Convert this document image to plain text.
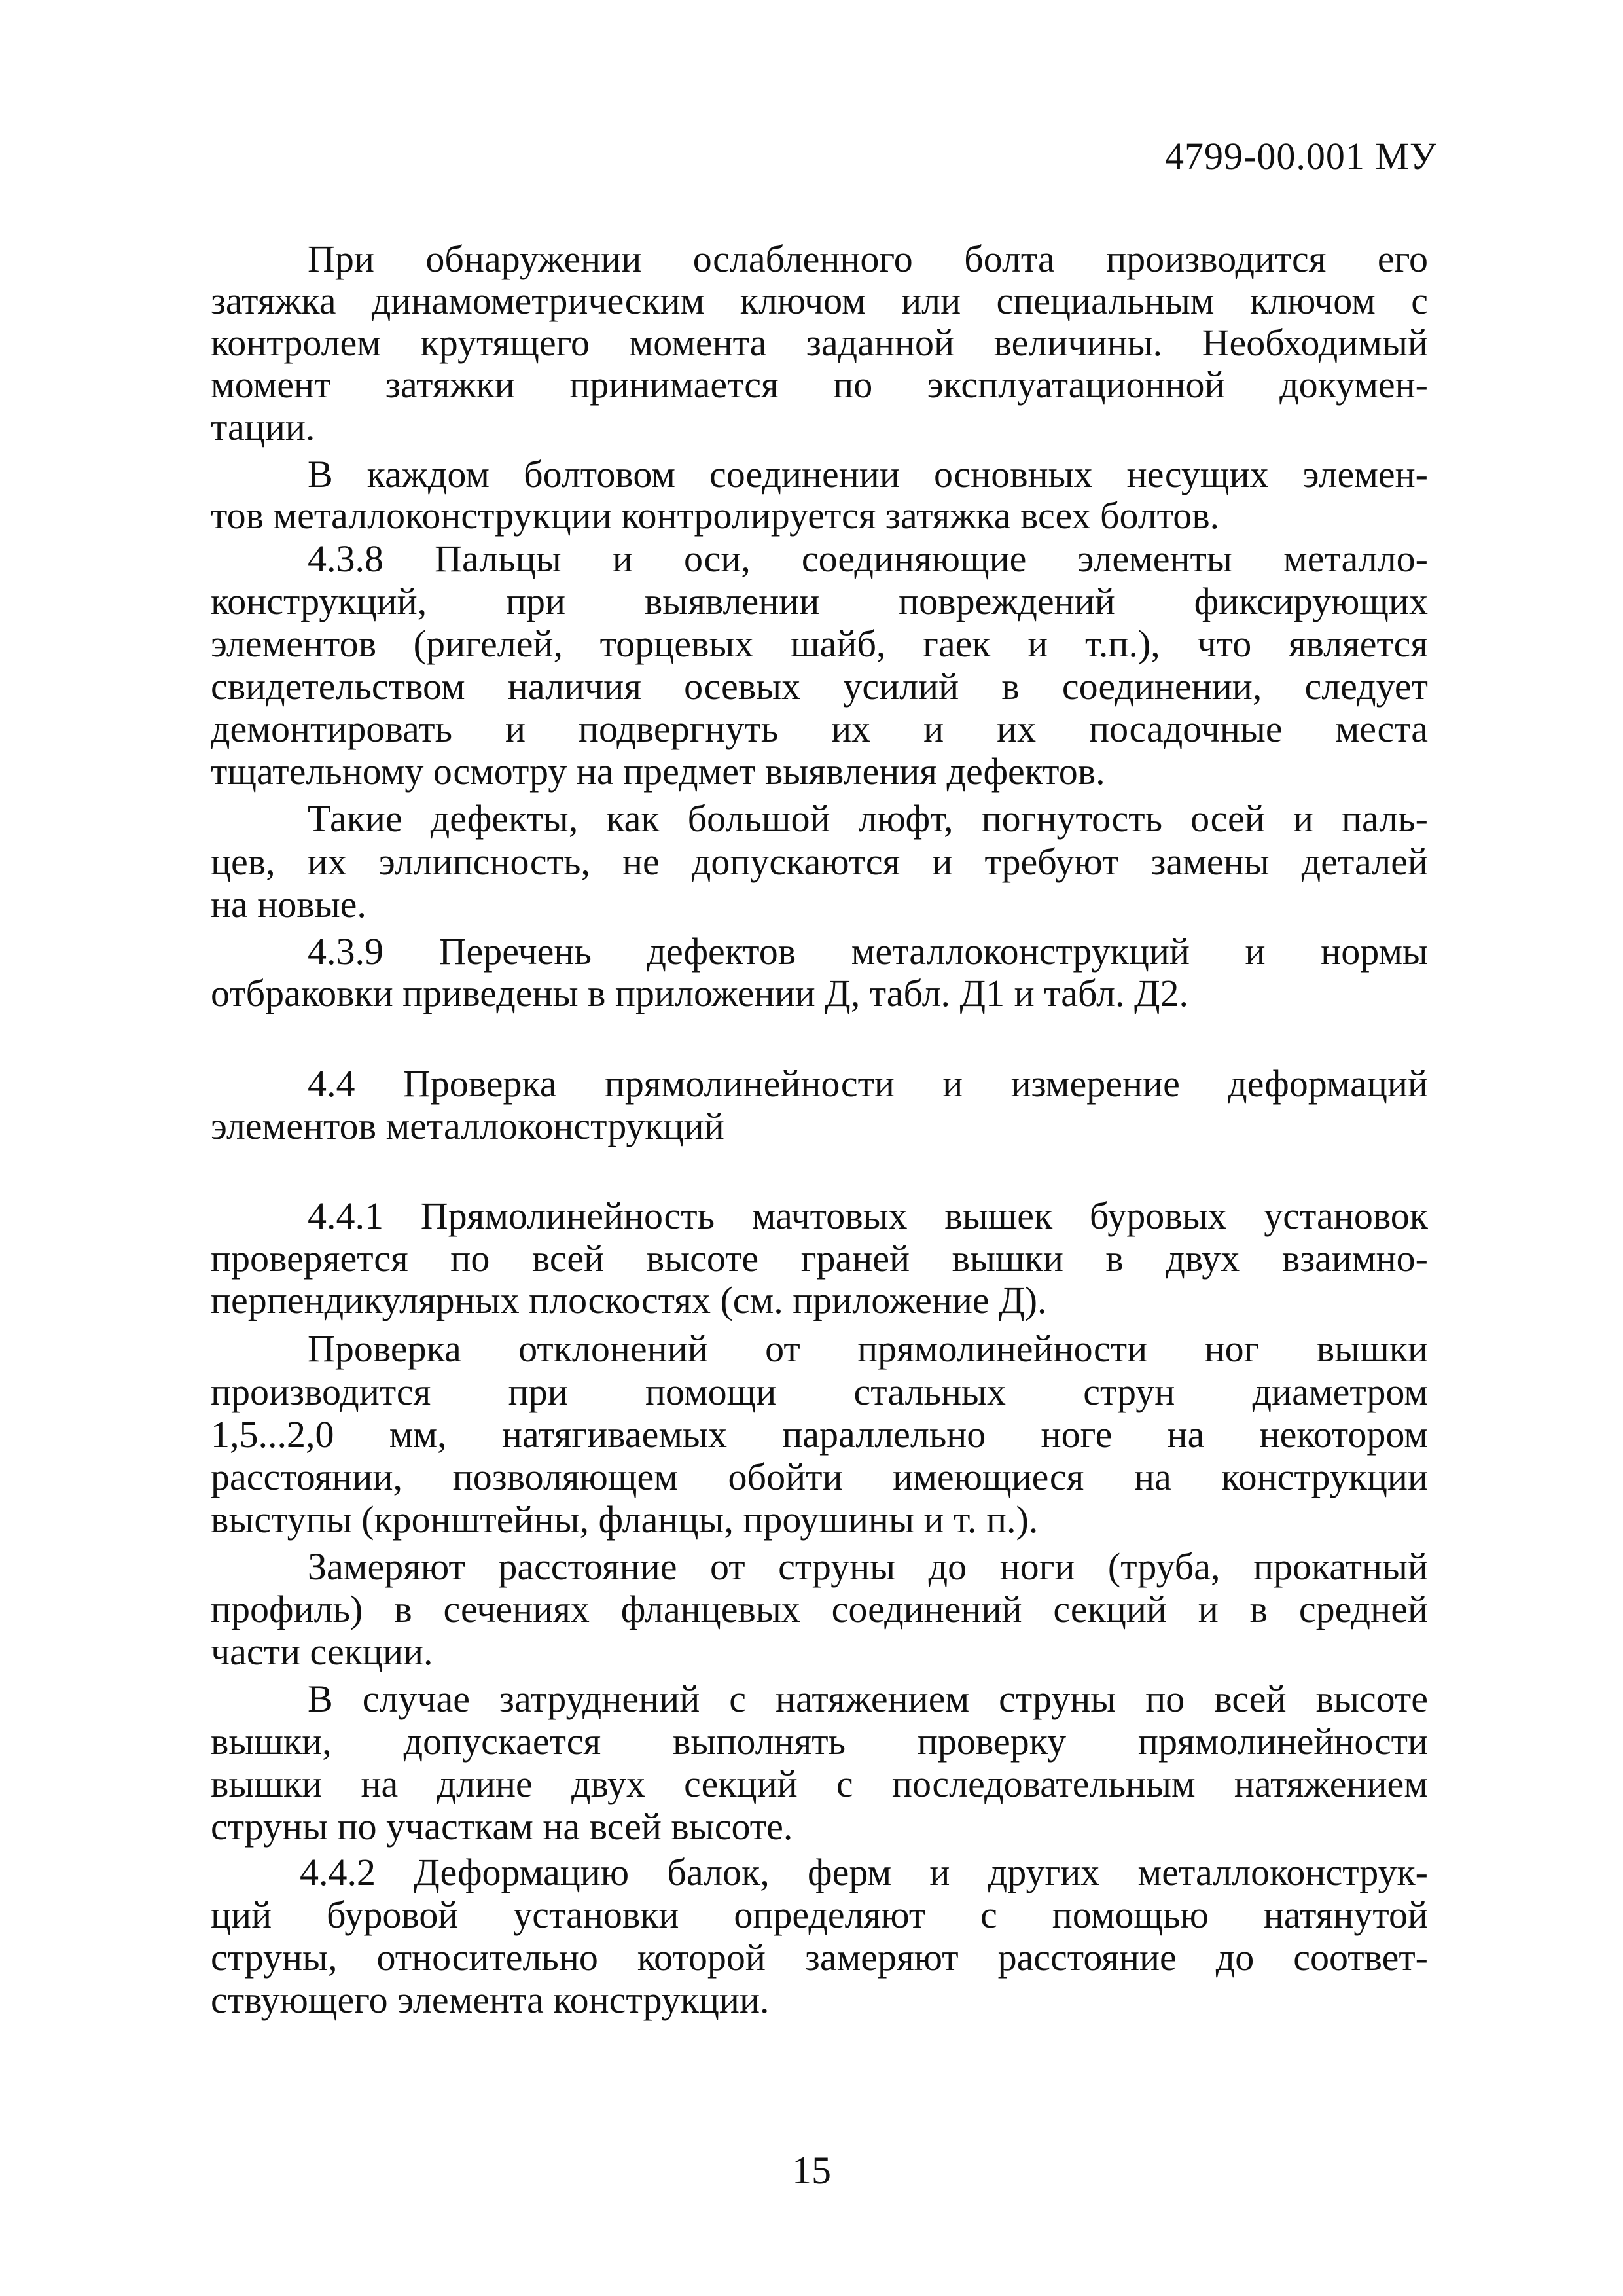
4799-00.001 МУ
При обнаружении ослабленного болта производится его
затяжка динамометрическим ключом или специальным ключом с
контролем крутящего момента заданной величины. Необходимый
момент затяжки принимается по эксплуатационной докумен-
тации.
В каждом болтовом соединении основных несущих элемен-
тов металлоконструкции контролируется затяжка всех болтов.
4.3.8 Пальцы и оси, соединяющие элементы металло-
конструкций, при выявлении повреждений фиксирующих
элементов (ригелей, торцевых шайб, гаек и т.п.), что является
свидетельством наличия осевых усилий в соединении, следует
демонтировать и подвергнуть их и их посадочные места
тщательному осмотру на предмет выявления дефектов.
Такие дефекты, как большой люфт, погнутость осей и паль-
цев, их эллипсность, не допускаются и требуют замены деталей
на новые.
4.3.9 Перечень дефектов металлоконструкций и нормы
отбраковки приведены в приложении Д, табл. Д1 и табл. Д2.
4.4 Проверка прямолинейности и измерение деформаций
элементов металлоконструкций
4.4.1 Прямолинейность мачтовых вышек буровых установок
проверяется по всей высоте граней вышки в двух взаимно-
перпендикулярных плоскостях (см. приложение Д).
Проверка отклонений от прямолинейности ног вышки
производится при помощи стальных струн диаметром
1,5...2,0 мм, натягиваемых параллельно ноге на некотором
расстоянии, позволяющем обойти имеющиеся на конструкции
выступы (кронштейны, фланцы, проушины и т. п.).
Замеряют расстояние от струны до ноги (труба, прокатный
профиль) в сечениях фланцевых соединений секций и в средней
части секции.
В случае затруднений с натяжением струны по всей высоте
вышки, допускается выполнять проверку прямолинейности
вышки на длине двух секций с последовательным натяжением
струны по участкам на всей высоте.
4.4.2 Деформацию балок, ферм и других металлоконструк-
ций буровой установки определяют с помощью натянутой
струны, относительно которой замеряют расстояние до соответ-
ствующего элемента конструкции.
15
